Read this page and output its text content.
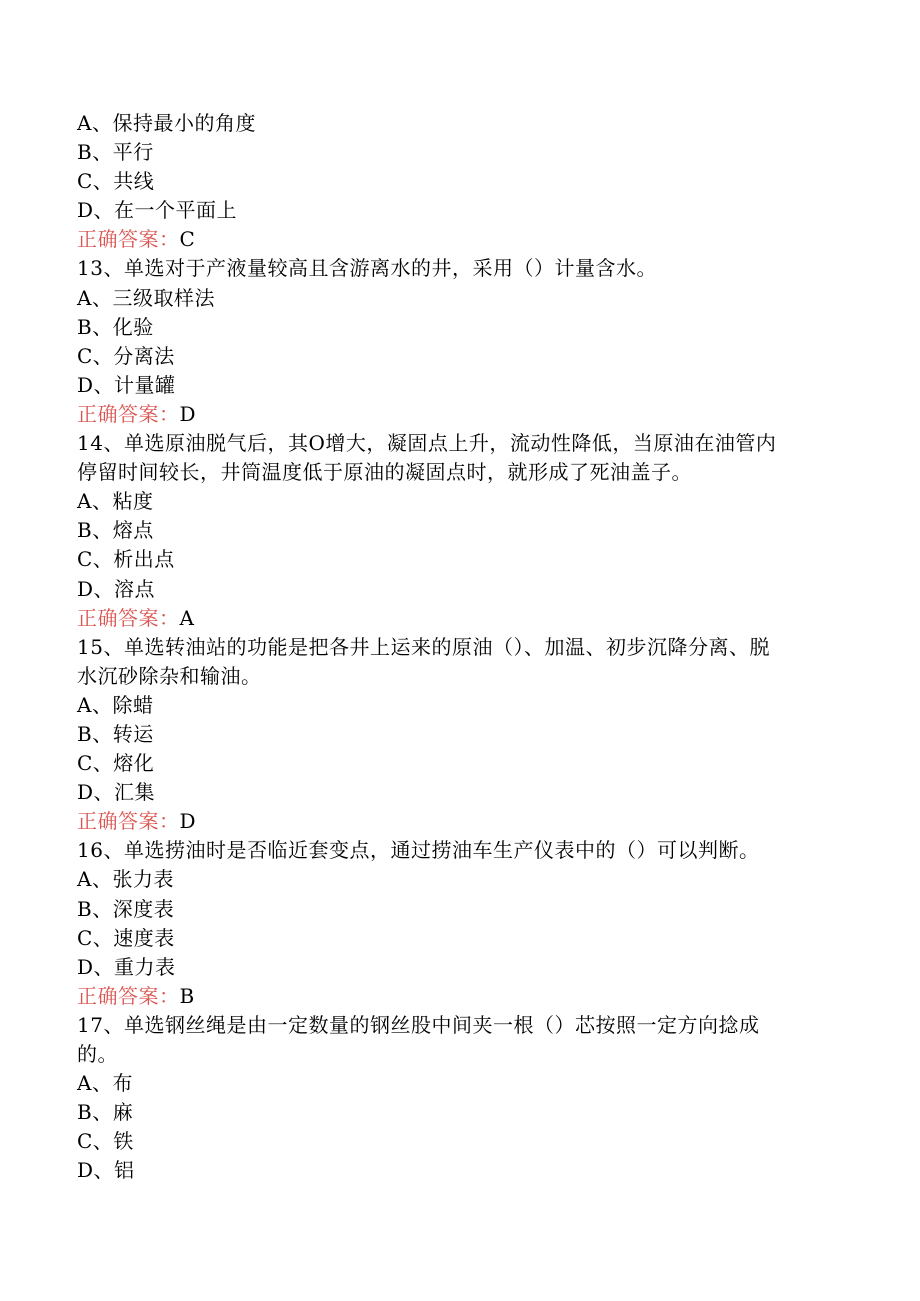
A、保持最小的角度
B、平行
C、共线
D、在一个平面上
正确答案：C
13、单选对于产液量较高且含游离水的井，采用（）计量含水。
A、三级取样法
B、化验
C、分离法
D、计量罐
正确答案：D
14、单选原油脱气后，其O增大，凝固点上升，流动性降低，当原油在油管内
停留时间较长，井筒温度低于原油的凝固点时，就形成了死油盖子。
A、粘度
B、熔点
C、析出点
D、溶点
正确答案：A
15、单选转油站的功能是把各井上运来的原油（）、加温、初步沉降分离、脱
水沉砂除杂和输油。
A、除蜡
B、转运
C、熔化
D、汇集
正确答案：D
16、单选捞油时是否临近套变点，通过捞油车生产仪表中的（）可以判断。
A、张力表
B、深度表
C、速度表
D、重力表
正确答案：B
17、单选钢丝绳是由一定数量的钢丝股中间夹一根（）芯按照一定方向捻成
的。
A、布
B、麻
C、铁
D、铝
